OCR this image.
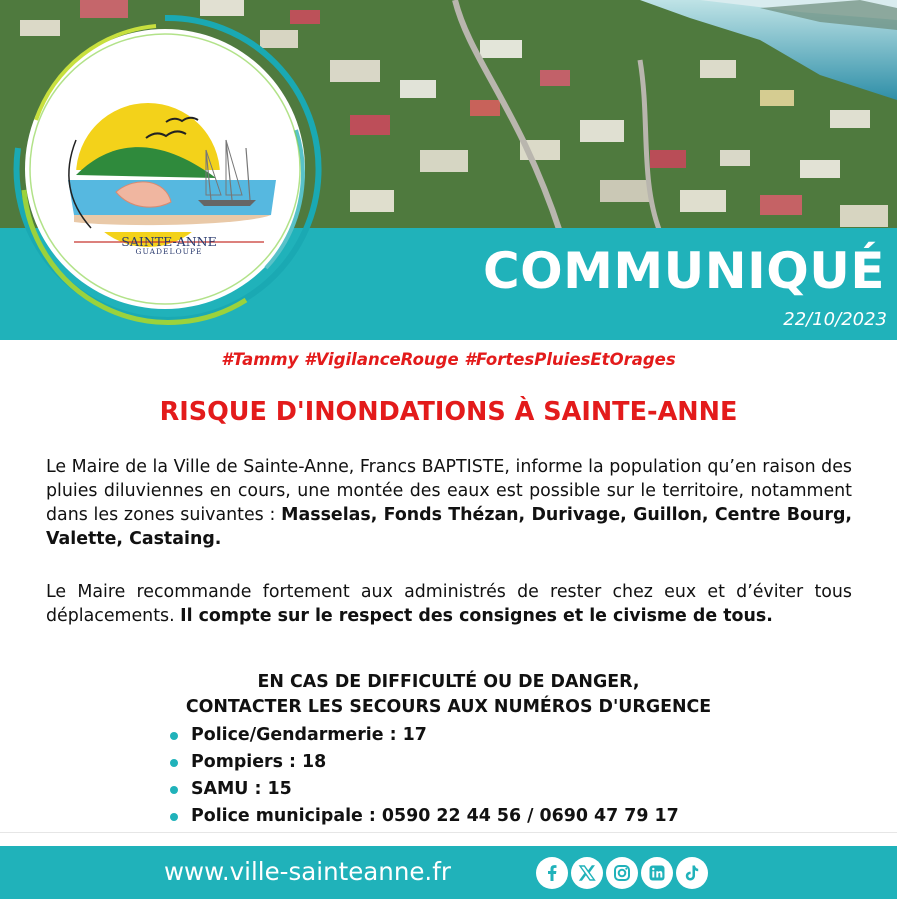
SAINTE-ANNE
GUADELOUPE	COMMUNIQUÉ
22/10/2023
#Tammy #VigilanceRouge #FortesPluiesEtOrages
RISQUE D'INONDATIONS À SAINTE-ANNE

Le Maire de la Ville de Sainte-Anne, Francs BAPTISTE, informe la population qu’en raison des pluies diluviennes en cours, une montée des eaux est possible sur le territoire, notamment dans les zones suivantes : Masselas, Fonds Thézan, Durivage, Guillon, Centre Bourg, Valette, Castaing.

Le Maire recommande fortement aux administrés de rester chez eux et d’éviter tous déplacements. Il compte sur le respect des consignes et le civisme de tous.

EN CAS DE DIFFICULTÉ OU DE DANGER,
CONTACTER LES SECOURS AUX NUMÉROS D'URGENCE
Police/Gendarmerie : 17
Pompiers : 18
SAMU : 15
Police municipale : 0590 22 44 56 / 0690 47 79 17
www.ville-sainteanne.fr
